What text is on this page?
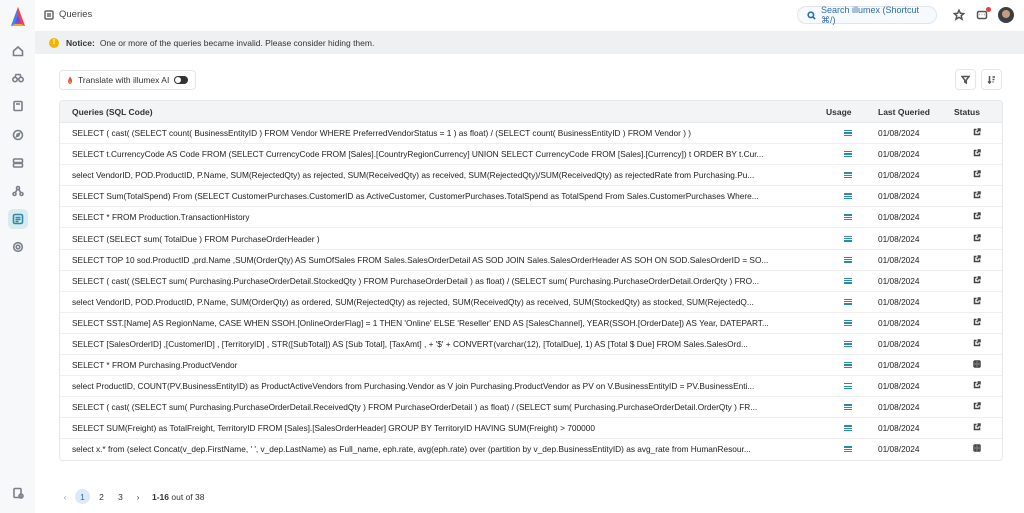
Queries	Search illumex (Shortcut ⌘/)
!	Notice: One or more of the queries became invalid. Please consider hiding them.
Translate with illumex AI
Queries (SQL Code)	Usage	Last Queried	Status
SELECT ( cast( (SELECT count( BusinessEntityID ) FROM Vendor WHERE PreferredVendorStatus = 1 ) as float) / (SELECT count( BusinessEntityID ) FROM Vendor ) )	01/08/2024
SELECT t.CurrencyCode AS Code FROM (SELECT CurrencyCode FROM [Sales].[CountryRegionCurrency] UNION SELECT CurrencyCode FROM [Sales].[Currency]) t ORDER BY t.Cur...	01/08/2024
select VendorID, POD.ProductID, P.Name, SUM(RejectedQty) as rejected, SUM(ReceivedQty) as received, SUM(RejectedQty)/SUM(ReceivedQty) as rejectedRate from Purchasing.Pu...	01/08/2024
SELECT Sum(TotalSpend) From (SELECT CustomerPurchases.CustomerID as ActiveCustomer, CustomerPurchases.TotalSpend as TotalSpend From Sales.CustomerPurchases Where...	01/08/2024
SELECT * FROM Production.TransactionHistory	01/08/2024
SELECT (SELECT sum( TotalDue ) FROM PurchaseOrderHeader )	01/08/2024
SELECT TOP 10 sod.ProductID ,prd.Name ,SUM(OrderQty) AS SumOfSales FROM Sales.SalesOrderDetail AS SOD JOIN Sales.SalesOrderHeader AS SOH ON SOD.SalesOrderID = SO...	01/08/2024
SELECT ( cast( (SELECT sum( Purchasing.PurchaseOrderDetail.StockedQty ) FROM PurchaseOrderDetail ) as float) / (SELECT sum( Purchasing.PurchaseOrderDetail.OrderQty ) FRO...	01/08/2024
select VendorID, POD.ProductID, P.Name, SUM(OrderQty) as ordered, SUM(RejectedQty) as rejected, SUM(ReceivedQty) as received, SUM(StockedQty) as stocked, SUM(RejectedQ...	01/08/2024
SELECT SST.[Name] AS RegionName, CASE WHEN SSOH.[OnlineOrderFlag] = 1 THEN 'Online' ELSE 'Reseller' END AS [SalesChannel], YEAR(SSOH.[OrderDate]) AS Year, DATEPART...	01/08/2024
SELECT [SalesOrderID] ,[CustomerID] , [TerritoryID] , STR([SubTotal]) AS [Sub Total], [TaxAmt] , + '$' + CONVERT(varchar(12), [TotalDue], 1) AS [Total $ Due] FROM Sales.SalesOrd...	01/08/2024
SELECT * FROM Purchasing.ProductVendor	01/08/2024
select ProductID, COUNT(PV.BusinessEntityID) as ProductActiveVendors from Purchasing.Vendor as V join Purchasing.ProductVendor as PV on V.BusinessEntityID = PV.BusinessEnti...	01/08/2024
SELECT ( cast( (SELECT sum( Purchasing.PurchaseOrderDetail.ReceivedQty ) FROM PurchaseOrderDetail ) as float) / (SELECT sum( Purchasing.PurchaseOrderDetail.OrderQty ) FR...	01/08/2024
SELECT SUM(Freight) as TotalFreight, TerritoryID FROM [Sales].[SalesOrderHeader] GROUP BY TerritoryID HAVING SUM(Freight) > 700000	01/08/2024
select x.* from (select Concat(v_dep.FirstName, ' ', v_dep.LastName) as Full_name, eph.rate, avg(eph.rate) over (partition by v_dep.BusinessEntityID) as avg_rate from HumanResour...	01/08/2024
‹	1	2	3	›	1-16 out of 38
